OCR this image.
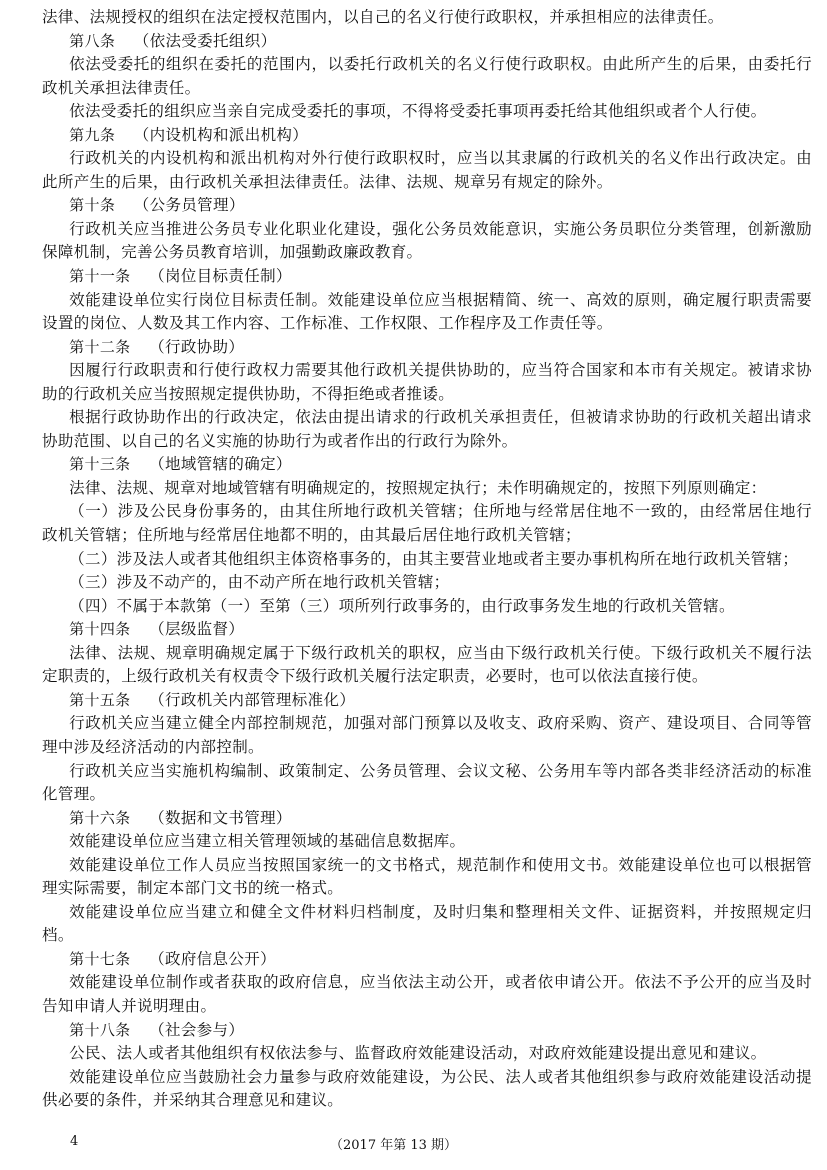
法律、法规授权的组织在法定授权范围内，以自己的名义行使行政职权，并承担相应的法律责任。

第八条 （依法受委托组织）

依法受委托的组织在委托的范围内，以委托行政机关的名义行使行政职权。由此所产生的后果，由委托行政机关承担法律责任。

依法受委托的组织应当亲自完成受委托的事项，不得将受委托事项再委托给其他组织或者个人行使。

第九条 （内设机构和派出机构）

行政机关的内设机构和派出机构对外行使行政职权时，应当以其隶属的行政机关的名义作出行政决定。由此所产生的后果，由行政机关承担法律责任。法律、法规、规章另有规定的除外。

第十条 （公务员管理）

行政机关应当推进公务员专业化职业化建设，强化公务员效能意识，实施公务员职位分类管理，创新激励保障机制，完善公务员教育培训，加强勤政廉政教育。

第十一条 （岗位目标责任制）

效能建设单位实行岗位目标责任制。效能建设单位应当根据精简、统一、高效的原则，确定履行职责需要设置的岗位、人数及其工作内容、工作标准、工作权限、工作程序及工作责任等。

第十二条 （行政协助）

因履行行政职责和行使行政权力需要其他行政机关提供协助的，应当符合国家和本市有关规定。被请求协助的行政机关应当按照规定提供协助，不得拒绝或者推诿。

根据行政协助作出的行政决定，依法由提出请求的行政机关承担责任，但被请求协助的行政机关超出请求协助范围、以自己的名义实施的协助行为或者作出的行政行为除外。

第十三条 （地域管辖的确定）

法律、法规、规章对地域管辖有明确规定的，按照规定执行；未作明确规定的，按照下列原则确定：

（一）涉及公民身份事务的，由其住所地行政机关管辖；住所地与经常居住地不一致的，由经常居住地行政机关管辖；住所地与经常居住地都不明的，由其最后居住地行政机关管辖；

（二）涉及法人或者其他组织主体资格事务的，由其主要营业地或者主要办事机构所在地行政机关管辖；

（三）涉及不动产的，由不动产所在地行政机关管辖；

（四）不属于本款第（一）至第（三）项所列行政事务的，由行政事务发生地的行政机关管辖。

第十四条 （层级监督）

法律、法规、规章明确规定属于下级行政机关的职权，应当由下级行政机关行使。下级行政机关不履行法定职责的，上级行政机关有权责令下级行政机关履行法定职责，必要时，也可以依法直接行使。

第十五条 （行政机关内部管理标准化）

行政机关应当建立健全内部控制规范，加强对部门预算以及收支、政府采购、资产、建设项目、合同等管理中涉及经济活动的内部控制。

行政机关应当实施机构编制、政策制定、公务员管理、会议文秘、公务用车等内部各类非经济活动的标准化管理。

第十六条 （数据和文书管理）

效能建设单位应当建立相关管理领域的基础信息数据库。

效能建设单位工作人员应当按照国家统一的文书格式，规范制作和使用文书。效能建设单位也可以根据管理实际需要，制定本部门文书的统一格式。

效能建设单位应当建立和健全文件材料归档制度，及时归集和整理相关文件、证据资料，并按照规定归档。

第十七条 （政府信息公开）

效能建设单位制作或者获取的政府信息，应当依法主动公开，或者依申请公开。依法不予公开的应当及时告知申请人并说明理由。

第十八条 （社会参与）

公民、法人或者其他组织有权依法参与、监督政府效能建设活动，对政府效能建设提出意见和建议。

效能建设单位应当鼓励社会力量参与政府效能建设，为公民、法人或者其他组织参与政府效能建设活动提供必要的条件，并采纳其合理意见和建议。

4	（2017 年第 13 期）
